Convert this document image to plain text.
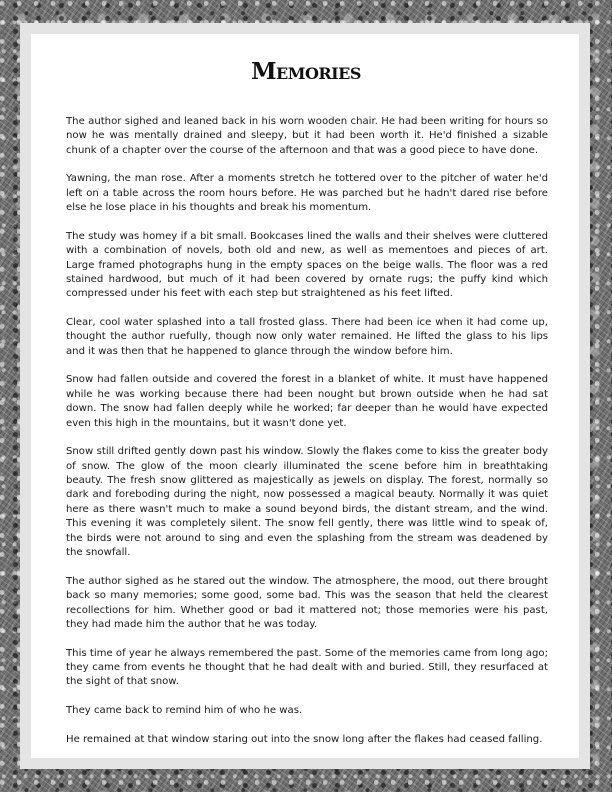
Memories

The author sighed and leaned back in his worn wooden chair. He had been writing for hours so now he was mentally drained and sleepy, but it had been worth it. He'd finished a sizable chunk of a chapter over the course of the afternoon and that was a good piece to have done.

Yawning, the man rose. After a moments stretch he tottered over to the pitcher of water he'd left on a table across the room hours before. He was parched but he hadn't dared rise before else he lose place in his thoughts and break his momentum.

The study was homey if a bit small. Bookcases lined the walls and their shelves were cluttered with a combination of novels, both old and new, as well as mementoes and pieces of art. Large framed photographs hung in the empty spaces on the beige walls. The floor was a red stained hardwood, but much of it had been covered by ornate rugs; the puffy kind which compressed under his feet with each step but straightened as his feet lifted.

Clear, cool water splashed into a tall frosted glass. There had been ice when it had come up, thought the author ruefully, though now only water remained. He lifted the glass to his lips and it was then that he happened to glance through the window before him.

Snow had fallen outside and covered the forest in a blanket of white. It must have happened while he was working because there had been nought but brown outside when he had sat down. The snow had fallen deeply while he worked; far deeper than he would have expected even this high in the mountains, but it wasn't done yet.

Snow still drifted gently down past his window. Slowly the flakes come to kiss the greater body of snow. The glow of the moon clearly illuminated the scene before him in breathtaking beauty. The fresh snow glittered as majestically as jewels on display. The forest, normally so dark and foreboding during the night, now possessed a magical beauty. Normally it was quiet here as there wasn't much to make a sound beyond birds, the distant stream, and the wind. This evening it was completely silent. The snow fell gently, there was little wind to speak of, the birds were not around to sing and even the splashing from the stream was deadened by the snowfall.

The author sighed as he stared out the window. The atmosphere, the mood, out there brought back so many memories; some good, some bad. This was the season that held the clearest recollections for him. Whether good or bad it mattered not; those memories were his past, they had made him the author that he was today.

This time of year he always remembered the past. Some of the memories came from long ago; they came from events he thought that he had dealt with and buried. Still, they resurfaced at the sight of that snow.

They came back to remind him of who he was.

He remained at that window staring out into the snow long after the flakes had ceased falling.
